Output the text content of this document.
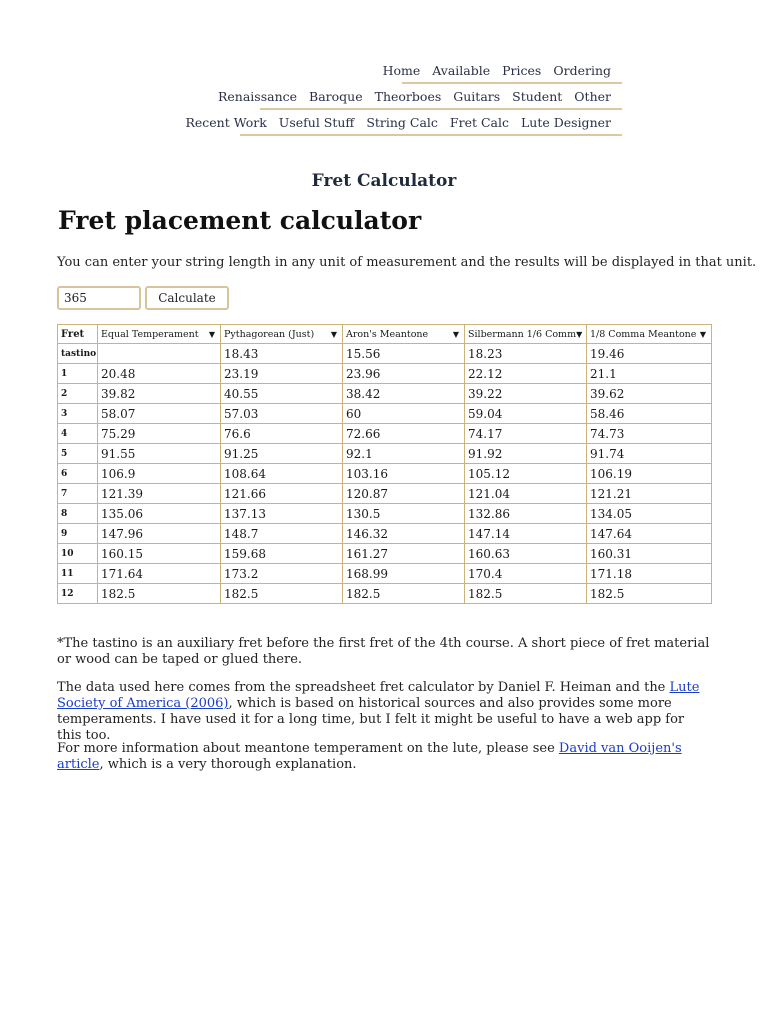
Home Available Prices Ordering
Renaissance Baroque Theorboes Guitars Student Other
Recent Work Useful Stuff String Calc Fret Calc Lute Designer
Fret Calculator
Fret placement calculator
You can enter your string length in any unit of measurement and the results will be displayed in that unit.
365
Calculate
Fret	Equal Temperament ▼	Pythagorean (Just) ▼	Aron's Meantone ▼	Silbermann 1/6 Comm ▼	1/8 Comma Meantone ▼

tastino		18.43	15.56	18.23	19.46
1	20.48	23.19	23.96	22.12	21.1
2	39.82	40.55	38.42	39.22	39.62
3	58.07	57.03	60	59.04	58.46
4	75.29	76.6	72.66	74.17	74.73
5	91.55	91.25	92.1	91.92	91.74
6	106.9	108.64	103.16	105.12	106.19
7	121.39	121.66	120.87	121.04	121.21
8	135.06	137.13	130.5	132.86	134.05
9	147.96	148.7	146.32	147.14	147.64
10	160.15	159.68	161.27	160.63	160.31
11	171.64	173.2	168.99	170.4	171.18
12	182.5	182.5	182.5	182.5	182.5
*The tastino is an auxiliary fret before the first fret of the 4th course. A short piece of fret material or wood can be taped or glued there.
The data used here comes from the spreadsheet fret calculator by Daniel F. Heiman and the Lute Society of America (2006), which is based on historical sources and also provides some more temperaments. I have used it for a long time, but I felt it might be useful to have a web app for this too.
For more information about meantone temperament on the lute, please see David van Ooijen's article, which is a very thorough explanation.
